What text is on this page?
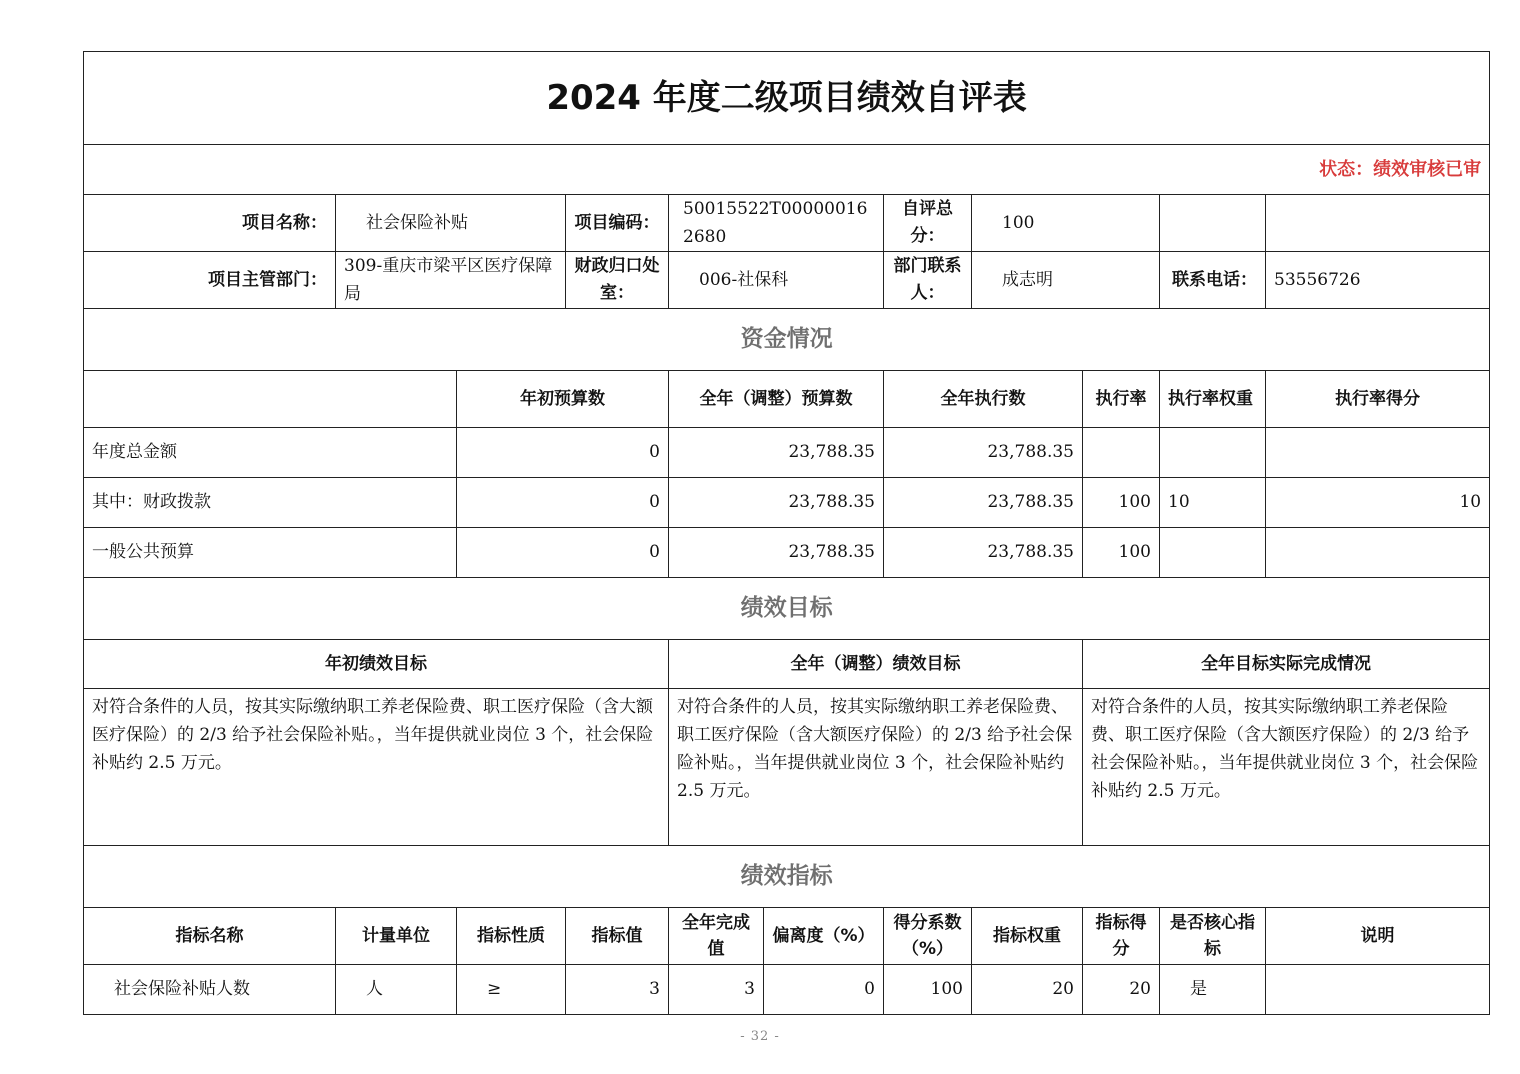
2024 年度二级项目绩效自评表									
状态：绩效审核已审									
项目名称：	社会保险补贴		项目编码：	50015522T000000162680	自评总分：	100			
项目主管部门：	309-重庆市梁平区医疗保障局		财政归口处室：	006-社保科	部门联系人：	成志明		联系电话：	53556726
资金情况									
		年初预算数		全年（调整）预算数	全年执行数		执行率	执行率权重	执行率得分
年度总金额		0		23,788.35	23,788.35				
其中：财政拨款		0		23,788.35	23,788.35		100	10	10
一般公共预算		0		23,788.35	23,788.35		100		
绩效目标									
年初绩效目标				全年（调整）绩效目标			全年目标实际完成情况		
对符合条件的人员，按其实际缴纳职工养老保险费、职工医疗保险（含大额医疗保险）的 2/3 给予社会保险补贴。，当年提供就业岗位 3 个，社会保险补贴约 2.5 万元。				对符合条件的人员，按其实际缴纳职工养老保险费、职工医疗保险（含大额医疗保险）的 2/3 给予社会保险补贴。，当年提供就业岗位 3 个，社会保险补贴约 2.5 万元。			对符合条件的人员，按其实际缴纳职工养老保险费、职工医疗保险（含大额医疗保险）的 2/3 给予社会保险补贴。，当年提供就业岗位 3 个，社会保险补贴约 2.5 万元。		
绩效指标									
指标名称	计量单位	指标性质	指标值	全年完成值	偏离度（%）	得分系数（%）	指标权重	指标得分	是否核心指标	说明
社会保险补贴人数	人	≥	3	3	0	100	20	20	是	
- 32 -
